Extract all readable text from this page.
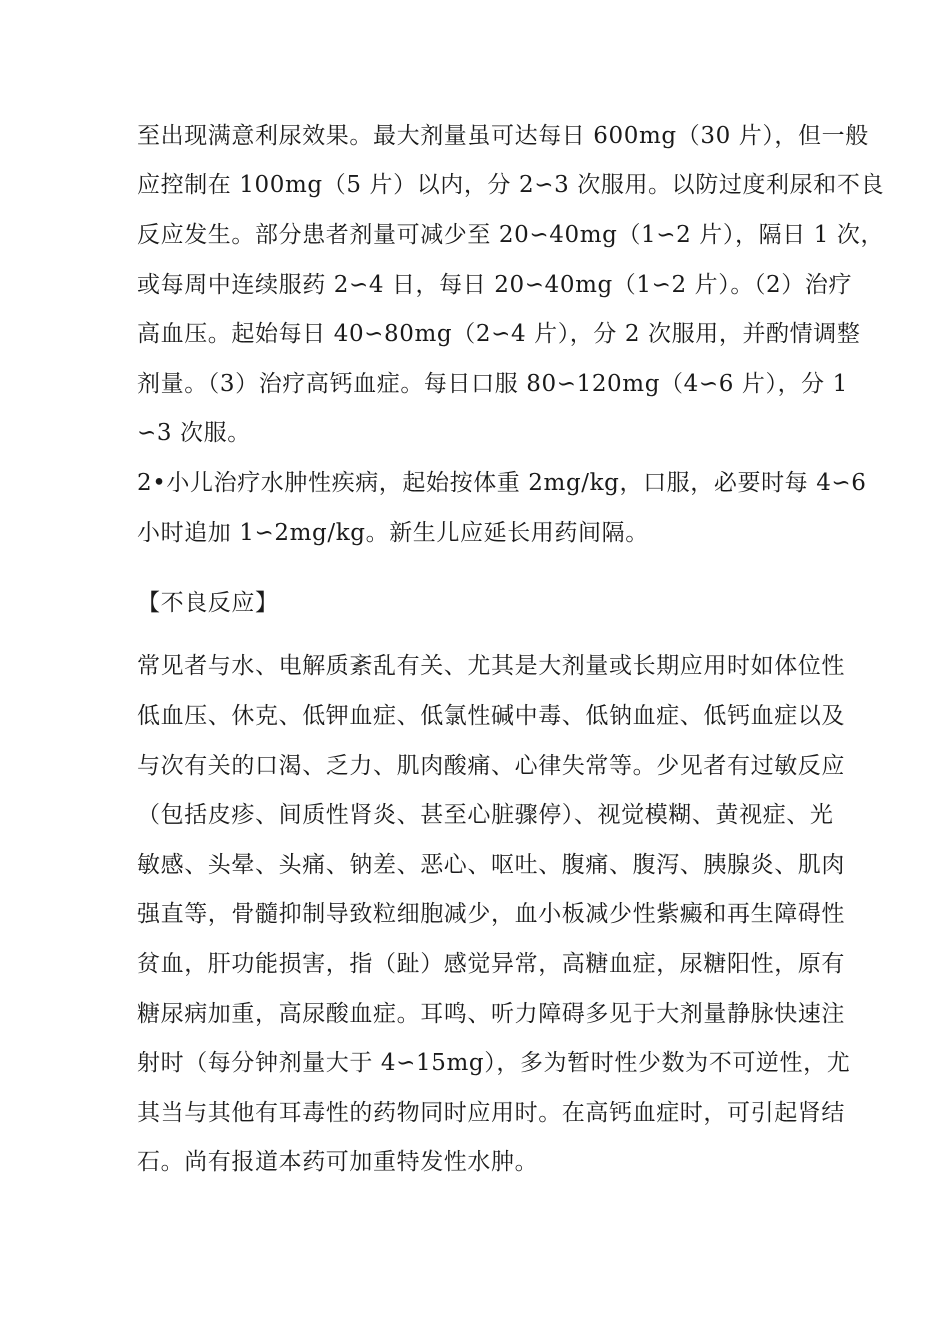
至出现满意利尿效果。最大剂量虽可达每日 600mg（30 片），但一般
应控制在 100mg（5 片）以内，分 2∽3 次服用。以防过度利尿和不良
反应发生。部分患者剂量可减少至 20∽40mg（1∽2 片），隔日 1 次，
或每周中连续服药 2∽4 日，每日 20∽40mg（1∽2 片）。（2）治疗
高血压。起始每日 40∽80mg（2∽4 片），分 2 次服用，并酌情调整
剂量。（3）治疗高钙血症。每日口服 80∽120mg（4∽6 片），分 1
∽3 次服。
2•小儿治疗水肿性疾病，起始按体重 2mg/kg，口服，必要时每 4∽6
小时追加 1∽2mg/kg。新生儿应延长用药间隔。
【不良反应】
常见者与水、电解质紊乱有关、尤其是大剂量或长期应用时如体位性
低血压、休克、低钾血症、低氯性碱中毒、低钠血症、低钙血症以及
与次有关的口渴、乏力、肌肉酸痛、心律失常等。少见者有过敏反应
（包括皮疹、间质性肾炎、甚至心脏骤停）、视觉模糊、黄视症、光
敏感、头晕、头痛、钠差、恶心、呕吐、腹痛、腹泻、胰腺炎、肌肉
强直等，骨髓抑制导致粒细胞减少，血小板减少性紫癜和再生障碍性
贫血，肝功能损害，指（趾）感觉异常，高糖血症，尿糖阳性，原有
糖尿病加重，高尿酸血症。耳鸣、听力障碍多见于大剂量静脉快速注
射时（每分钟剂量大于 4∽15mg），多为暂时性少数为不可逆性，尤
其当与其他有耳毒性的药物同时应用时。在高钙血症时，可引起肾结
石。尚有报道本药可加重特发性水肿。
